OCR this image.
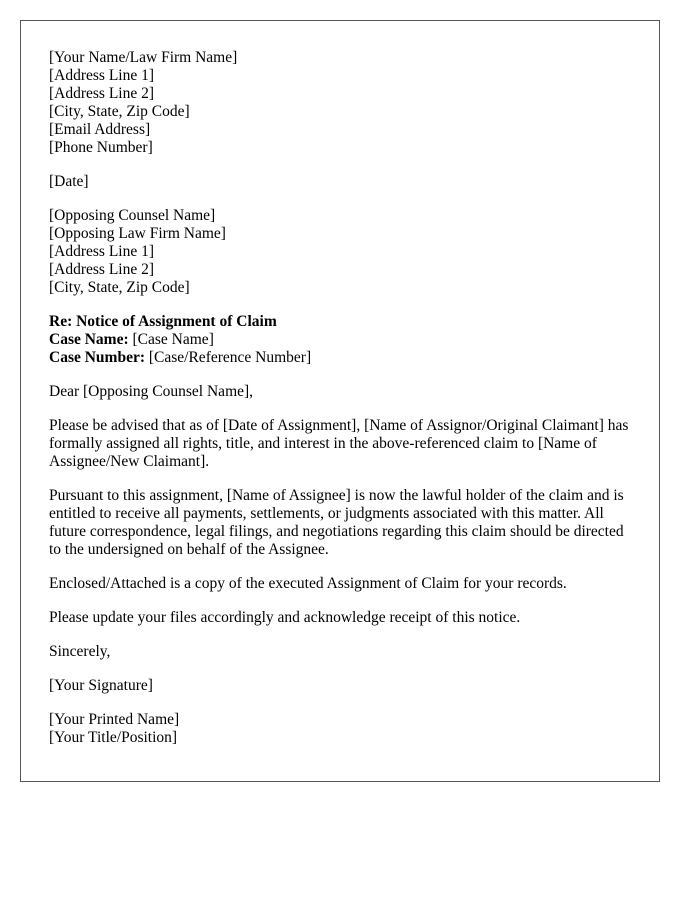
[Your Name/Law Firm Name]
[Address Line 1]
[Address Line 2]
[City, State, Zip Code]
[Email Address]
[Phone Number]
[Date]
[Opposing Counsel Name]
[Opposing Law Firm Name]
[Address Line 1]
[Address Line 2]
[City, State, Zip Code]
Re: Notice of Assignment of Claim
Case Name: [Case Name]
Case Number: [Case/Reference Number]

Dear [Opposing Counsel Name],

Please be advised that as of [Date of Assignment], [Name of Assignor/Original Claimant] has formally assigned all rights, title, and interest in the above-referenced claim to [Name of Assignee/New Claimant].

Pursuant to this assignment, [Name of Assignee] is now the lawful holder of the claim and is entitled to receive all payments, settlements, or judgments associated with this matter. All future correspondence, legal filings, and negotiations regarding this claim should be directed to the undersigned on behalf of the Assignee.

Enclosed/Attached is a copy of the executed Assignment of Claim for your records.

Please update your files accordingly and acknowledge receipt of this notice.

Sincerely,

[Your Signature]

[Your Printed Name]
[Your Title/Position]
